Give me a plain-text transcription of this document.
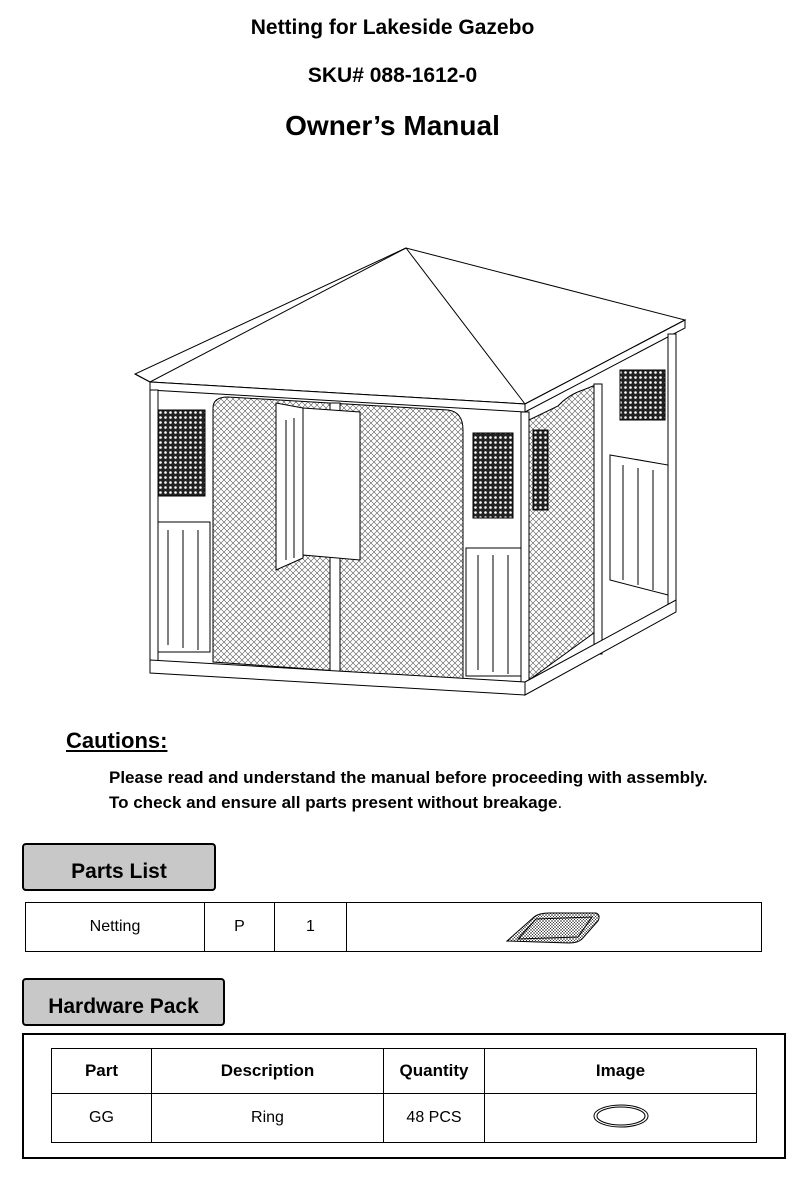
Netting for Lakeside Gazebo
SKU# 088-1612-0
Owner’s Manual
Cautions:
Please read and understand the manual before proceeding with assembly.
To check and ensure all parts present without breakage.
Parts List
Netting	P	1
Hardware Pack
Part	Description	Quantity	Image
GG	Ring	48 PCS	
